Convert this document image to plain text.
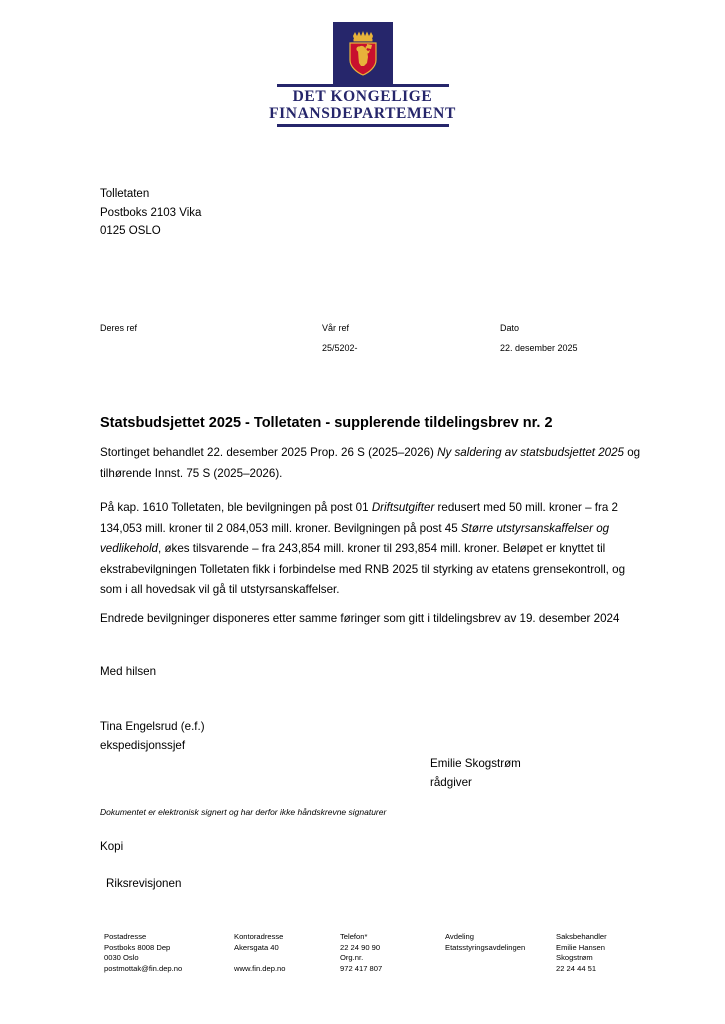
DET KONGELIGE
FINANSDEPARTEMENT
Tolletaten
Postboks 2103 Vika
0125 OSLO
Deres ref	Vår ref
25/5202-
Dato
22. desember 2025
Statsbudsjettet 2025 - Tolletaten - supplerende tildelingsbrev nr. 2
Stortinget behandlet 22. desember 2025 Prop. 26 S (2025–2026) Ny saldering av statsbudsjettet 2025 og tilhørende Innst. 75 S (2025–2026).
På kap. 1610 Tolletaten, ble bevilgningen på post 01 Driftsutgifter redusert med 50 mill. kroner – fra 2 134,053 mill. kroner til 2 084,053 mill. kroner. Bevilgningen på post 45 Større utstyrsanskaffelser og vedlikehold, økes tilsvarende – fra 243,854 mill. kroner til 293,854 mill. kroner. Beløpet er knyttet til ekstrabevilgningen Tolletaten fikk i forbindelse med RNB 2025 til styrking av etatens grensekontroll, og som i all hovedsak vil gå til utstyrsanskaffelser.
Endrede bevilgninger disponeres etter samme føringer som gitt i tildelingsbrev av 19. desember 2024
Med hilsen
Tina Engelsrud (e.f.)
ekspedisjonssjef
Emilie Skogstrøm
rådgiver
Dokumentet er elektronisk signert og har derfor ikke håndskrevne signaturer
Kopi
Riksrevisjonen
Postadresse
Postboks 8008 Dep
0030 Oslo
postmottak@fin.dep.no
Kontoradresse
Akersgata 40
www.fin.dep.no
Telefon*
22 24 90 90
Org.nr.
972 417 807
Avdeling
Etatsstyringsavdelingen
Saksbehandler
Emilie Hansen
Skogstrøm
22 24 44 51
